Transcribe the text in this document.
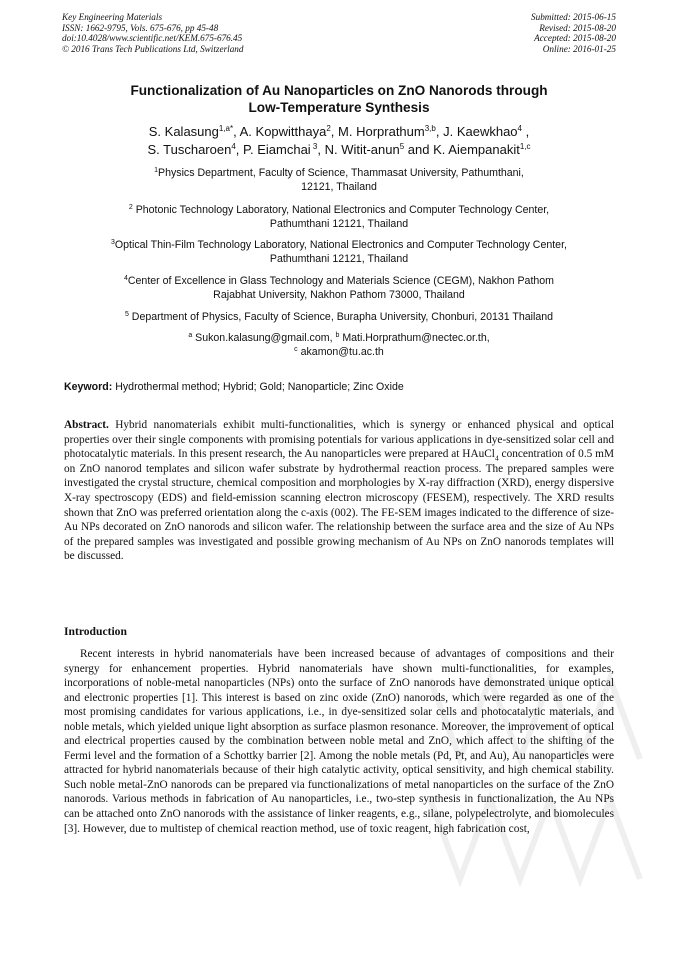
Key Engineering Materials
ISSN: 1662-9795, Vols. 675-676, pp 45-48
doi:10.4028/www.scientific.net/KEM.675-676.45
© 2016 Trans Tech Publications Ltd, Switzerland
Submitted: 2015-06-15
Revised: 2015-08-20
Accepted: 2015-08-20
Online: 2016-01-25
Functionalization of Au Nanoparticles on ZnO Nanorods through
Low-Temperature Synthesis
S. Kalasung$^{1,a*}$, A. Kopwitthaya$^2$, M. Horprathum$^{3,b}$, J. Kaewkhao$^4$ ,
S. Tuscharoen$^4$, P. Eiamchai $^3$, N. Witit-anun$^5$ and K. Aiempanakit$^{1,c}$
$^1$Physics Department, Faculty of Science, Thammasat University, Pathumthani,
12121, Thailand
$^2$ Photonic Technology Laboratory, National Electronics and Computer Technology Center,
Pathumthani 12121, Thailand
$^3$Optical Thin-Film Technology Laboratory, National Electronics and Computer Technology Center,
Pathumthani 12121, Thailand
$^4$Center of Excellence in Glass Technology and Materials Science (CEGM), Nakhon Pathom
Rajabhat University, Nakhon Pathom 73000, Thailand
$^5$ Department of Physics, Faculty of Science, Burapha University, Chonburi, 20131 Thailand
$^a$ Sukon.kalasung@gmail.com, $^b$ Mati.Horprathum@nectec.or.th,
$^c$ akamon@tu.ac.th
Keyword: Hydrothermal method; Hybrid; Gold; Nanoparticle; Zinc Oxide
Abstract. Hybrid nanomaterials exhibit multi-functionalities, which is synergy or enhanced physical and optical properties over their single components with promising potentials for various applications in dye-sensitized solar cell and photocatalytic materials. In this present research, the Au nanoparticles were prepared at HAuCl$_4$ concentration of 0.5 mM on ZnO nanorod templates and silicon wafer substrate by hydrothermal reaction process. The prepared samples were investigated the crystal structure, chemical composition and morphologies by X-ray diffraction (XRD), energy dispersive X-ray spectroscopy (EDS) and field-emission scanning electron microscopy (FESEM), respectively. The XRD results shown that ZnO was preferred orientation along the c-axis (002). The FE-SEM images indicated to the difference of size-Au NPs decorated on ZnO nanorods and silicon wafer. The relationship between the surface area and the size of Au NPs of the prepared samples was investigated and possible growing mechanism of Au NPs on ZnO nanorods templates will be discussed.
Introduction
Recent interests in hybrid nanomaterials have been increased because of advantages of compositions and their synergy for enhancement properties. Hybrid nanomaterials have shown multi-functionalities, for examples, incorporations of noble-metal nanoparticles (NPs) onto the surface of ZnO nanorods have demonstrated unique optical and electronic properties [1]. This interest is based on zinc oxide (ZnO) nanorods, which were regarded as one of the most promising candidates for various applications, i.e., in dye-sensitized solar cells and photocatalytic materials, and noble metals, which yielded unique light absorption as surface plasmon resonance. Moreover, the improvement of optical and electrical properties caused by the combination between noble metal and ZnO, which affect to the shifting of the Fermi level and the formation of a Schottky barrier [2]. Among the noble metals (Pd, Pt, and Au), Au nanoparticles were attracted for hybrid nanomaterials because of their high catalytic activity, optical sensitivity, and high chemical stability. Such noble metal-ZnO nanorods can be prepared via functionalizations of metal nanoparticles on the surface of the ZnO nanorods. Various methods in fabrication of Au nanoparticles, i.e., two-step synthesis in functionalization, the Au NPs can be attached onto ZnO nanorods with the assistance of linker reagents, e.g., silane, polypelectrolyte, and biomolecules [3]. However, due to multistep of chemical reaction method, use of toxic reagent, high fabrication cost,
